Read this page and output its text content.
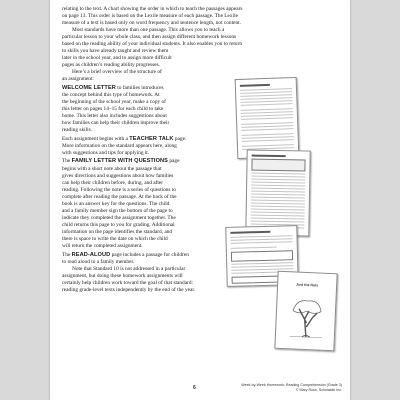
relating to the text. A chart showing the order in which to teach the passages appears

on page 13. This order is based on the Lexile measure of each passage. The Lexile

measure of a text is based only on word frequency and sentence length, not content.

Most standards have more than one passage. This allows you to teach a

particular lesson to your whole class, and then assign different homework lessons

based on the reading ability of your individual students. It also enables you to return

to skills you have already taught and review them

later in the school year, and to assign more difficult

pages as children’s reading ability progresses.

Here’s a brief overview of the structure of

an assignment:

WELCOME LETTER to families introduces

the concept behind this type of homework. At

the beginning of the school year, make a copy of

this letter on pages 14–15 for each child to take

home. This letter also includes suggestions about

how families can help their children improve their

reading skills.

Each assignment begins with a TEACHER TALK page.

More information on the standard appears here, along

with suggestions and tips for applying it.

The FAMILY LETTER WITH QUESTIONS page

begins with a short note about the passage that

gives directions and suggestions about how families

can help their children before, during, and after

reading. Following the note is a series of questions to

complete after reading the passage. At the back of the

book is an answer key for the questions. The child

and a family member sign the bottom of the page to

indicate they completed the assignment together. The

child returns this page to you for grading. Additional

information on the page identifies the standard, and

there is space to write the date on which the child

will return the completed assignment.

The READ-ALOUD page includes a passage for children

to read aloud to a family member.

Note that Standard 10 is not addressed in a particular

assignment, but doing these homework assignments will

certainly help children work toward the goal of that standard:

reading grade-level texts independently by the end of the year.

Just the Nuts
6	Week-by-Week Homework: Reading Comprehension (Grade 3)
© Mary Rose, Scholastic Inc.
